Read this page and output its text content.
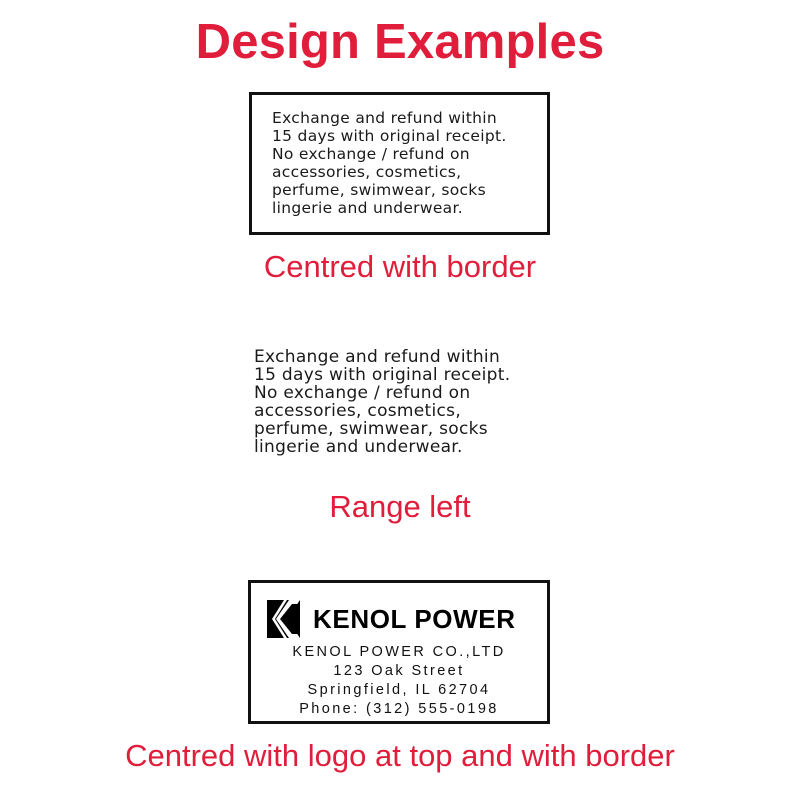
Design Examples
Exchange and refund within
15 days with original receipt.
No exchange / refund on
accessories, cosmetics,
perfume, swimwear, socks
lingerie and underwear.
Centred with border
Exchange and refund within
15 days with original receipt.
No exchange / refund on
accessories, cosmetics,
perfume, swimwear, socks
lingerie and underwear.
Range left
KENOL POWER
KENOL POWER CO.,LTD
123 Oak Street
Springfield, IL 62704
Phone: (312) 555-0198
Centred with logo at top and with border
